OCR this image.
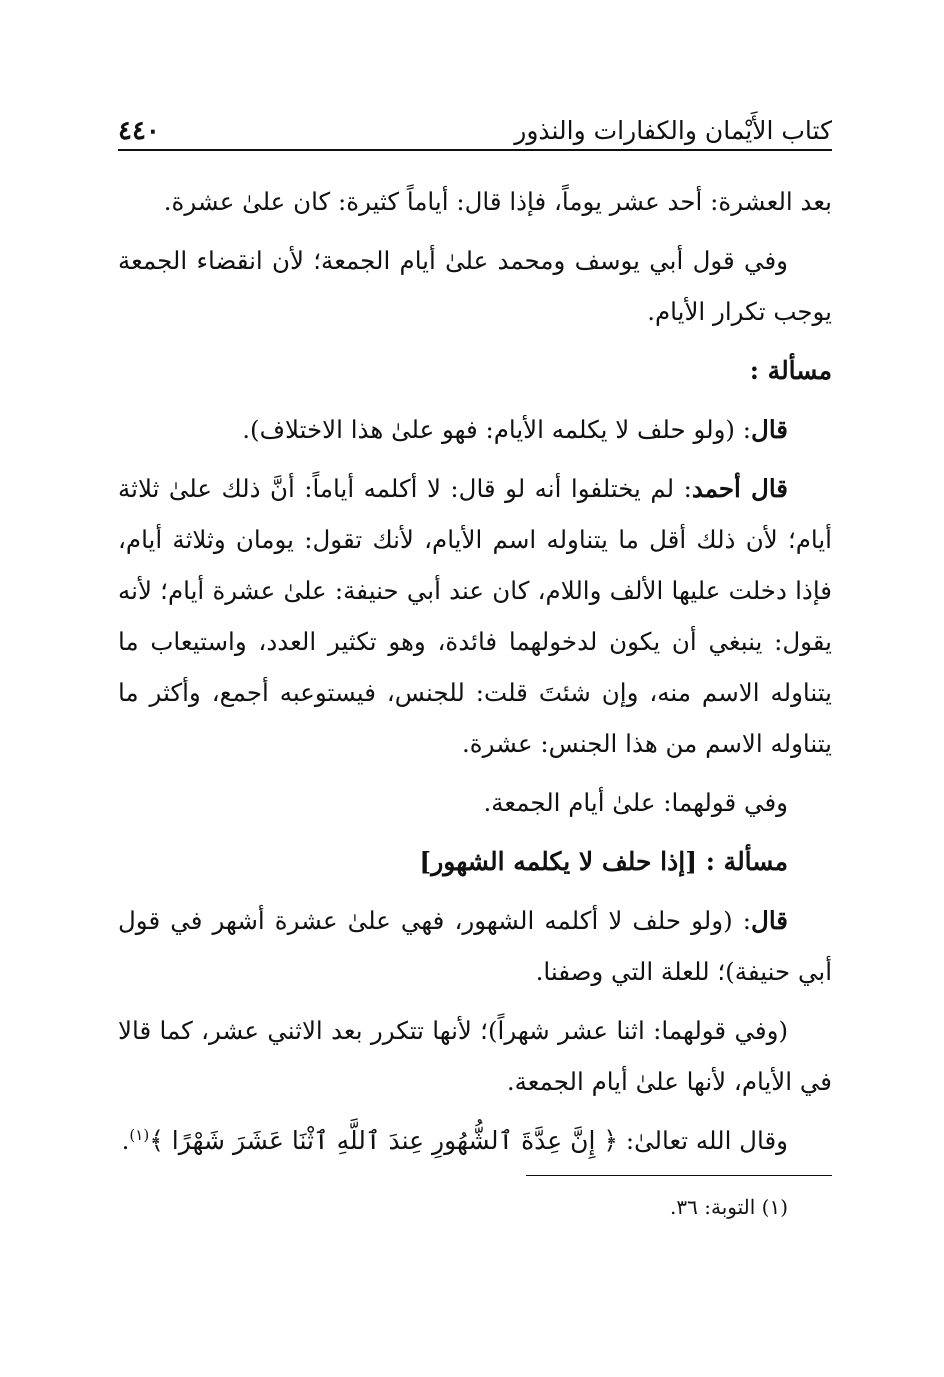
كتاب الأَيْمان والكفارات والنذور
٤٤٠

بعد العشرة: أحد عشر يوماً، فإذا قال: أياماً كثيرة: كان علىٰ عشرة.

وفي قول أبي يوسف ومحمد علىٰ أيام الجمعة؛ لأن انقضاء الجمعة يوجب تكرار الأيام.

مسألة :

قال: (ولو حلف لا يكلمه الأيام: فهو علىٰ هذا الاختلاف).

قال أحمد: لم يختلفوا أنه لو قال: لا أكلمه أياماً: أنَّ ذلك علىٰ ثلاثة أيام؛ لأن ذلك أقل ما يتناوله اسم الأيام، لأنك تقول: يومان وثلاثة أيام، فإذا دخلت عليها الألف واللام، كان عند أبي حنيفة: علىٰ عشرة أيام؛ لأنه يقول: ينبغي أن يكون لدخولهما فائدة، وهو تكثير العدد، واستيعاب ما يتناوله الاسم منه، وإن شئتَ قلت: للجنس، فيستوعبه أجمع، وأكثر ما يتناوله الاسم من هذا الجنس: عشرة.

وفي قولهما: علىٰ أيام الجمعة.

مسألة : [إذا حلف لا يكلمه الشهور]

قال: (ولو حلف لا أكلمه الشهور، فهي علىٰ عشرة أشهر في قول أبي حنيفة)؛ للعلة التي وصفنا.

(وفي قولهما: اثنا عشر شهراً)؛ لأنها تتكرر بعد الاثني عشر، كما قالا في الأيام، لأنها علىٰ أيام الجمعة.

وقال الله تعالىٰ: ﴿ إِنَّ عِدَّةَ ٱلشُّهُورِ عِندَ ٱللَّهِ ٱثْنَا عَشَرَ شَهْرًا ﴾$^{(١)}$.

(١) التوبة: ٣٦.
